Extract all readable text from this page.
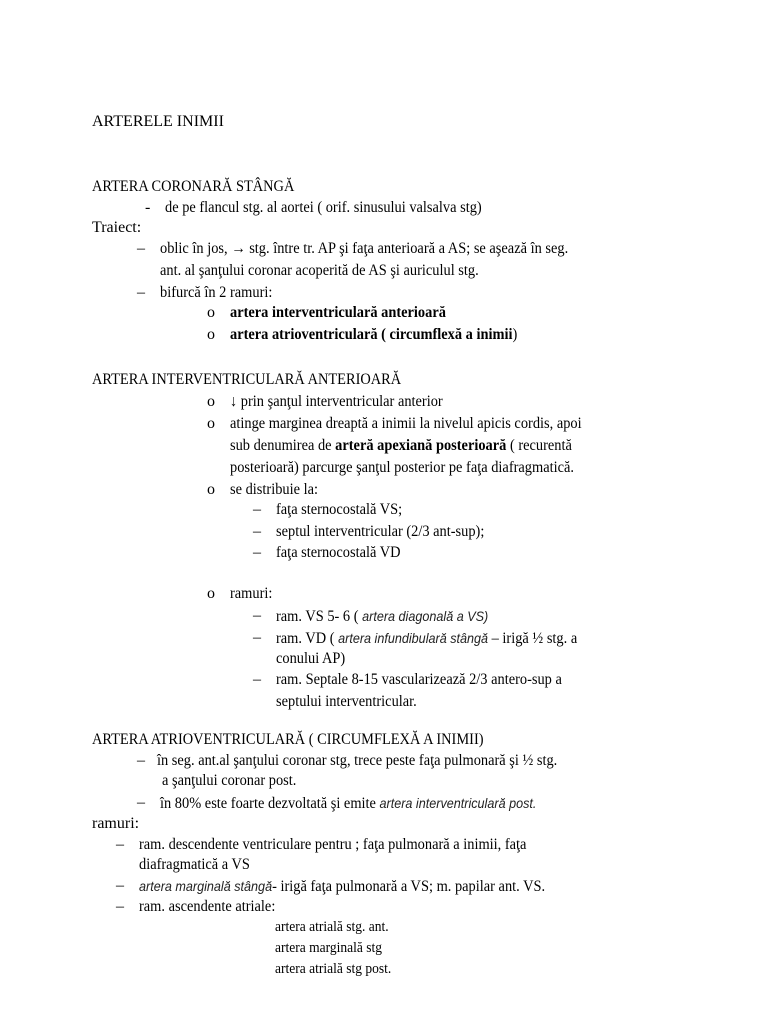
ARTERELE INIMII
ARTERA CORONARĂ STÂNGĂ
- de pe flancul stg. al aortei ( orif. sinusului valsalva stg)
Traiect:
– oblic în jos, → stg. între tr. AP şi faţa anterioară a AS; se aşează în seg.
ant. al şanţului coronar acoperită de AS şi auriculul stg.
– bifurcă în 2 ramuri:
o artera interventriculară anterioară
o artera atrioventriculară ( circumflexă a inimii)
ARTERA INTERVENTRICULARĂ ANTERIOARĂ
o ↓ prin şanţul interventricular anterior
o atinge marginea dreaptă a inimii la nivelul apicis cordis, apoi
sub denumirea de arteră apexiană posterioară ( recurentă
posterioară) parcurge şanţul posterior pe faţa diafragmatică.
o se distribuie la:
– faţa sternocostală VS;
– septul interventricular (2/3 ant-sup);
– faţa sternocostală VD
o ramuri:
– ram. VS 5- 6 ( artera diagonală a VS)
– ram. VD ( artera infundibulară stângă – irigă ½ stg. a
conului AP)
– ram. Septale 8-15 vascularizează 2/3 antero-sup a
septului interventricular.
ARTERA ATRIOVENTRICULARĂ ( CIRCUMFLEXĂ A INIMII)
– în seg. ant.al şanţului coronar stg, trece peste faţa pulmonară şi ½ stg.
a şanţului coronar post.
– în 80% este foarte dezvoltată şi emite artera interventriculară post.
ramuri:
– ram. descendente ventriculare pentru ; faţa pulmonară a inimii, faţa
diafragmatică a VS
– artera marginală stângă- irigă faţa pulmonară a VS; m. papilar ant. VS.
– ram. ascendente atriale:
artera atrială stg. ant.
artera marginală stg
artera atrială stg post.
